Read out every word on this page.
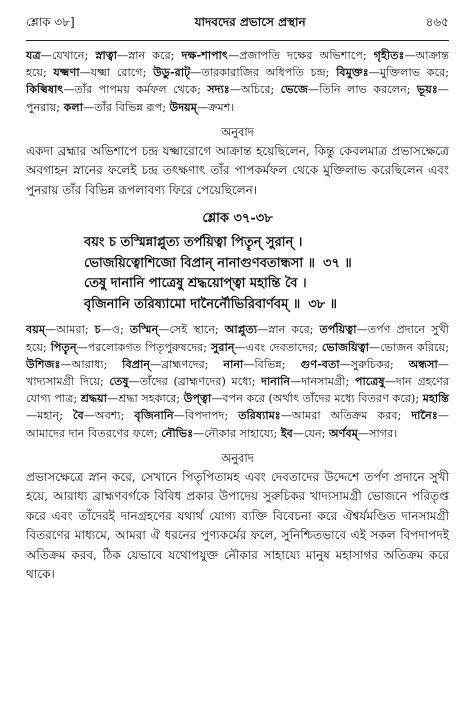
শ্লোক ৩৮]	যাদবদের প্রভাসে প্রস্থান	৪৬৫

যত্র—যেখানে; স্নাত্বা—স্নান করে; দক্ষ-শাপাৎ—প্রজাপতি দক্ষের অভিশাপে; গৃহীতঃ—আক্রান্ত হয়ে; যক্ষ্মণা—যক্ষ্মা রোগে; উডু-রাট্—তারকারাজির অধিপতি চন্দ্র; বিমুক্তঃ—মুক্তিলাভ করে; কিল্বিষাৎ—তাঁর পাপময় কর্মফল থেকে; সদ্যঃ—অচিরে; ভেজে—তিনি লাভ করলেন; ভূয়ঃ—পুনরায়; কলা—তাঁর বিভিন্ন রূপ; উদয়ম্—ক্রমশ।

অনুবাদ

একদা ব্রহ্মার অভিশাপে চন্দ্র যক্ষ্মারোগে আক্রান্ত হয়েছিলেন, কিন্তু কেবলমাত্র প্রভাসক্ষেত্রে অবগাহন স্নানের ফলেই চন্দ্র তৎক্ষণাৎ তাঁর পাপকর্মফল থেকে মুক্তিলাভ করেছিলেন এবং পুনরায় তাঁর বিভিন্ন রূপলাবণ্য ফিরে পেয়েছিলেন।

শ্লোক ৩৭-৩৮
বয়ং চ তস্মিন্নাপ্লুত্য তর্পয়িত্বা পিতৄন্ সুরান্ ।
ভোজয়িত্বোশিজো বিপ্রান্ নানাগুণবতান্ধসা ॥ ৩৭ ॥
তেষু দানানি পাত্রেষু শ্রদ্ধয়োপ্ত্বা মহান্তি বৈ ।
বৃজিনানি তরিষ্যামো দানৈর্নৌভিরিবার্ণবম্ ॥ ৩৮ ॥

বয়ম্—আমরা; চ—ও; তস্মিন্—সেই স্থানে; আপ্লুত্য—স্নান করে; তর্পয়িত্বা—তর্পণ প্রদানে সুখী হয়ে; পিতৄন্—পরলোকগত পিতৃপুরুষদের; সুরান্—এবং দেবতাদের; ভোজয়িত্বা—ভোজন করিয়ে; উশিজঃ—আরাধ্য; বিপ্রান্—ব্রাহ্মণদের; নানা—বিভিন্ন; গুণ-বতা—সুরুচিকর; অন্ধসা—খাদ্যসামগ্রী দিয়ে; তেষু—তাঁদের (ব্রাহ্মণদের) মধ্যে; দানানি—দানসামগ্রী; পাত্রেষু—দান গ্রহণের যোগ্য পাত্র; শ্রদ্ধয়া—শ্রদ্ধা সহকারে; উপ্ত্বা—বপন করে (অর্থাৎ তাঁদের মধ্যে বিতরণ করে); মহান্তি—মহান্; বৈ—অবশ্য; বৃজিনানি—বিপদাপদ; তরিষ্যামঃ—আমরা অতিক্রম করব; দানৈঃ—আমাদের দান বিতরণের ফলে; নৌভিঃ—নৌকার সাহায্যে; ইব—যেন; অর্ণবম্—সাগর।

অনুবাদ

প্রভাসক্ষেত্রে স্নান করে, সেখানে পিতৃপিতামহ এবং দেবতাদের উদ্দেশে তর্পণ প্রদানে সুখী হয়ে, আরাধ্য ব্রাহ্মণবর্গকে বিবিধ প্রকার উপাদেয় সুরুচিকর খাদ্যসামগ্রী ভোজনে পরিতৃপ্ত করে এবং তাঁদেরই দানগ্রহণের যথার্থ যোগ্য ব্যক্তি বিবেচনা করে ঐশ্বর্যমণ্ডিত দানসামগ্রী বিতরণের মাধ্যমে, আমরা ঐ ধরনের পুণ্যকর্মের ফলে, সুনিশ্চিতভাবে এই সকল বিপদাপদই অতিক্রম করব, ঠিক যেভাবে যথোপযুক্ত নৌকার সাহায্যে মানুষ মহাসাগর অতিক্রম করে থাকে।
